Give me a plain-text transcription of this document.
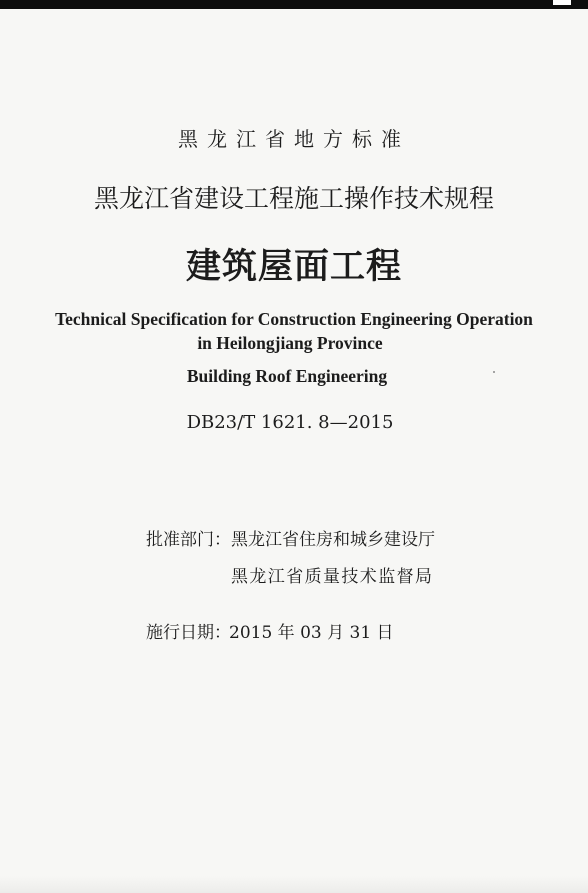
黑龙江省地方标准
黑龙江省建设工程施工操作技术规程
建筑屋面工程
Technical Specification for Construction Engineering Operation
in Heilongjiang Province
Building Roof Engineering
DB23/T 1621. 8—2015
批准部门： 黑龙江省住房和城乡建设厅
黑龙江省质量技术监督局
施行日期：
2015 年 03 月 31 日
